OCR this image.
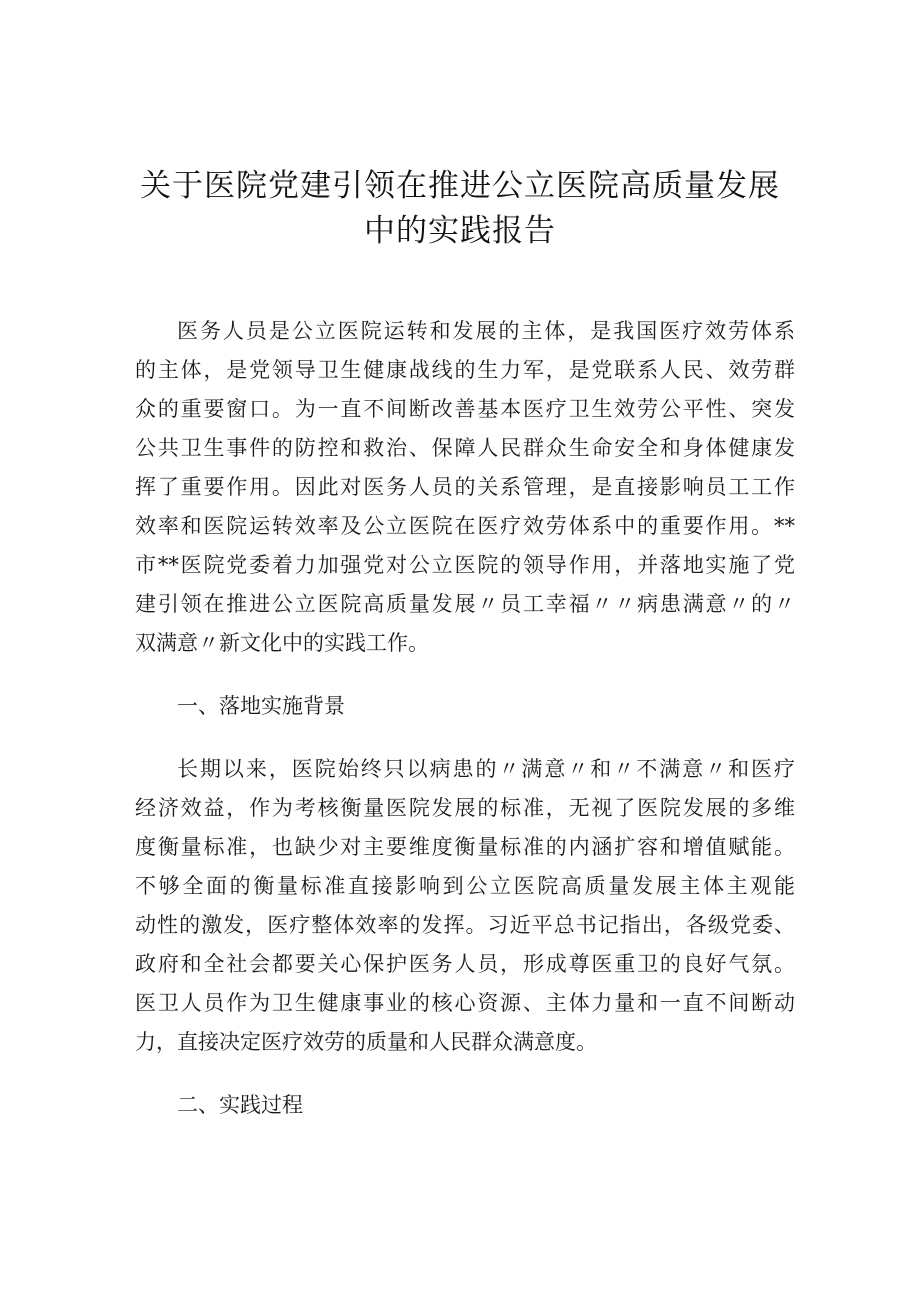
关于医院党建引领在推进公立医院高质量发展
中的实践报告

医务人员是公立医院运转和发展的主体，是我国医疗效劳体系

的主体，是党领导卫生健康战线的生力军，是党联系人民、效劳群

众的重要窗口。为一直不间断改善基本医疗卫生效劳公平性、突发

公共卫生事件的防控和救治、保障人民群众生命安全和身体健康发

挥了重要作用。因此对医务人员的关系管理，是直接影响员工工作

效率和医院运转效率及公立医院在医疗效劳体系中的重要作用。**

市**医院党委着力加强党对公立医院的领导作用，并落地实施了党

建引领在推进公立医院高质量发展〃员工幸福〃〃病患满意〃的〃

双满意〃新文化中的实践工作。

一、落地实施背景

长期以来，医院始终只以病患的〃满意〃和〃不满意〃和医疗

经济效益，作为考核衡量医院发展的标准，无视了医院发展的多维

度衡量标准，也缺少对主要维度衡量标准的内涵扩容和增值赋能。

不够全面的衡量标准直接影响到公立医院高质量发展主体主观能

动性的激发，医疗整体效率的发挥。习近平总书记指出，各级党委、

政府和全社会都要关心保护医务人员，形成尊医重卫的良好气氛。

医卫人员作为卫生健康事业的核心资源、主体力量和一直不间断动

力，直接决定医疗效劳的质量和人民群众满意度。

二、实践过程
